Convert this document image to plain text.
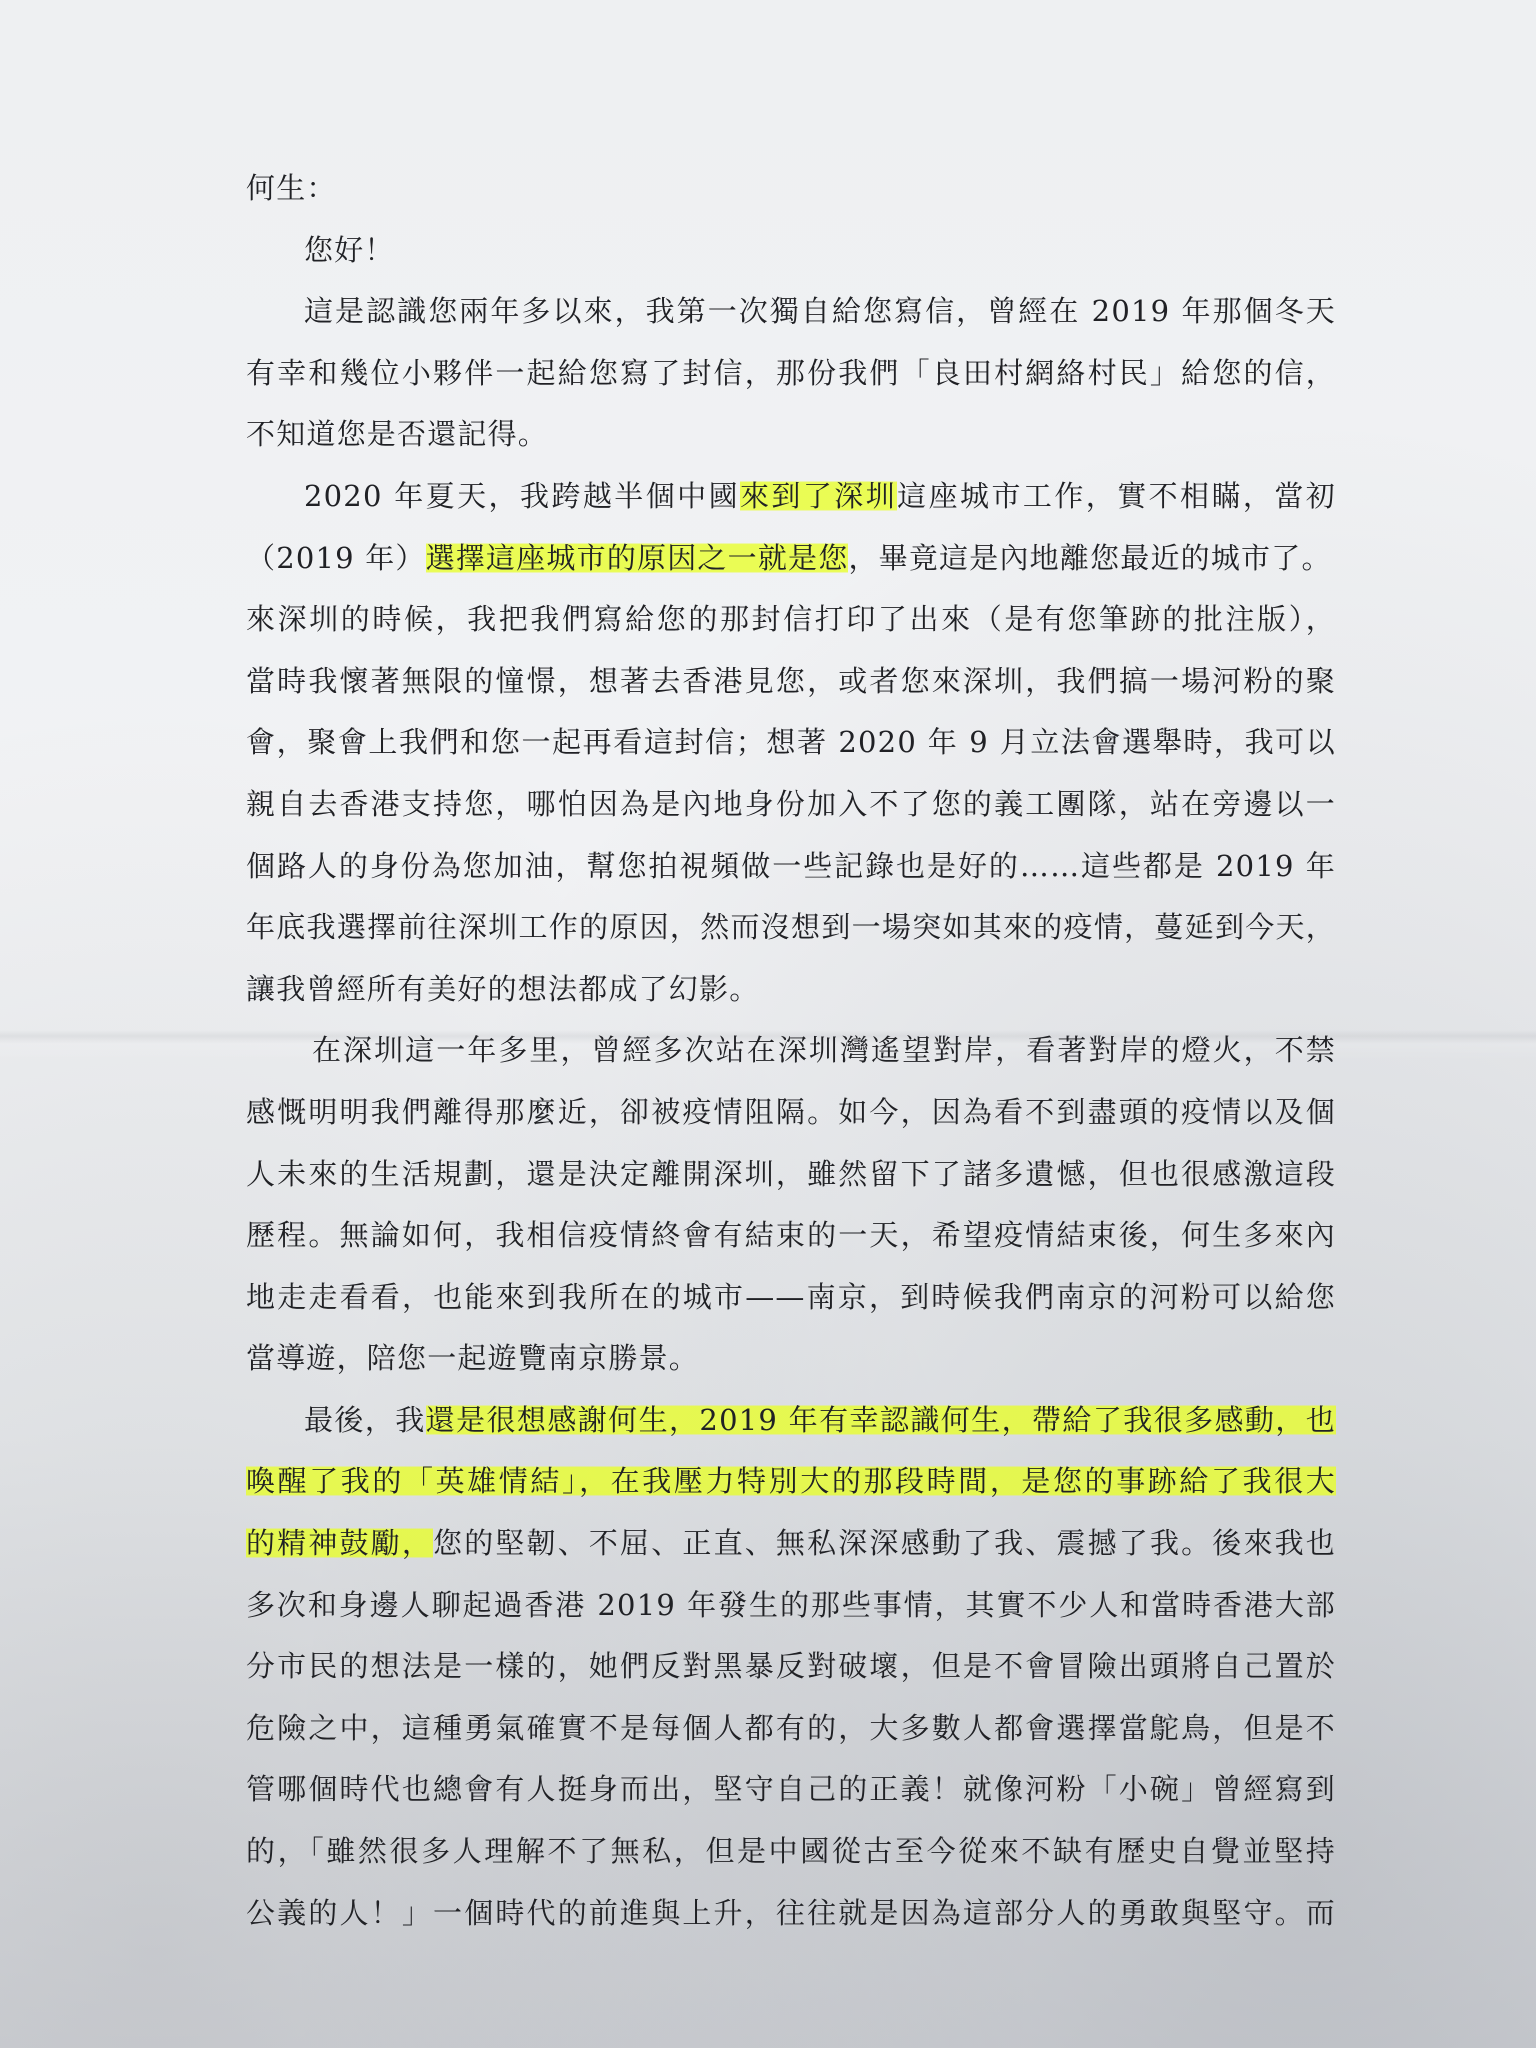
何生：
您好！
這是認識您兩年多以來，我第一次獨自給您寫信，曾經在 2019 年那個冬天
有幸和幾位小夥伴一起給您寫了封信，那份我們「良田村網絡村民」給您的信，
不知道您是否還記得。
2020 年夏天，我跨越半個中國來到了深圳這座城市工作，實不相瞞，當初
（2019 年）選擇這座城市的原因之一就是您，畢竟這是內地離您最近的城市了。
來深圳的時候，我把我們寫給您的那封信打印了出來（是有您筆跡的批注版），
當時我懷著無限的憧憬，想著去香港見您，或者您來深圳，我們搞一場河粉的聚
會，聚會上我們和您一起再看這封信；想著 2020 年 9 月立法會選舉時，我可以
親自去香港支持您，哪怕因為是內地身份加入不了您的義工團隊，站在旁邊以一
個路人的身份為您加油，幫您拍視頻做一些記錄也是好的……這些都是 2019 年
年底我選擇前往深圳工作的原因，然而沒想到一場突如其來的疫情，蔓延到今天，
讓我曾經所有美好的想法都成了幻影。
在深圳這一年多里，曾經多次站在深圳灣遙望對岸，看著對岸的燈火，不禁
感慨明明我們離得那麼近，卻被疫情阻隔。如今，因為看不到盡頭的疫情以及個
人未來的生活規劃，還是決定離開深圳，雖然留下了諸多遺憾，但也很感激這段
歷程。無論如何，我相信疫情終會有結束的一天，希望疫情結束後，何生多來內
地走走看看，也能來到我所在的城市——南京，到時候我們南京的河粉可以給您
當導遊，陪您一起遊覽南京勝景。
最後，我還是很想感謝何生，2019 年有幸認識何生，帶給了我很多感動，也
喚醒了我的「英雄情結」，在我壓力特別大的那段時間，是您的事跡給了我很大
的精神鼓勵，您的堅韌、不屈、正直、無私深深感動了我、震撼了我。後來我也
多次和身邊人聊起過香港 2019 年發生的那些事情，其實不少人和當時香港大部
分市民的想法是一樣的，她們反對黑暴反對破壞，但是不會冒險出頭將自己置於
危險之中，這種勇氣確實不是每個人都有的，大多數人都會選擇當鴕鳥，但是不
管哪個時代也總會有人挺身而出，堅守自己的正義！就像河粉「小碗」曾經寫到
的，「雖然很多人理解不了無私，但是中國從古至今從來不缺有歷史自覺並堅持
公義的人！」一個時代的前進與上升，往往就是因為這部分人的勇敢與堅守。而
